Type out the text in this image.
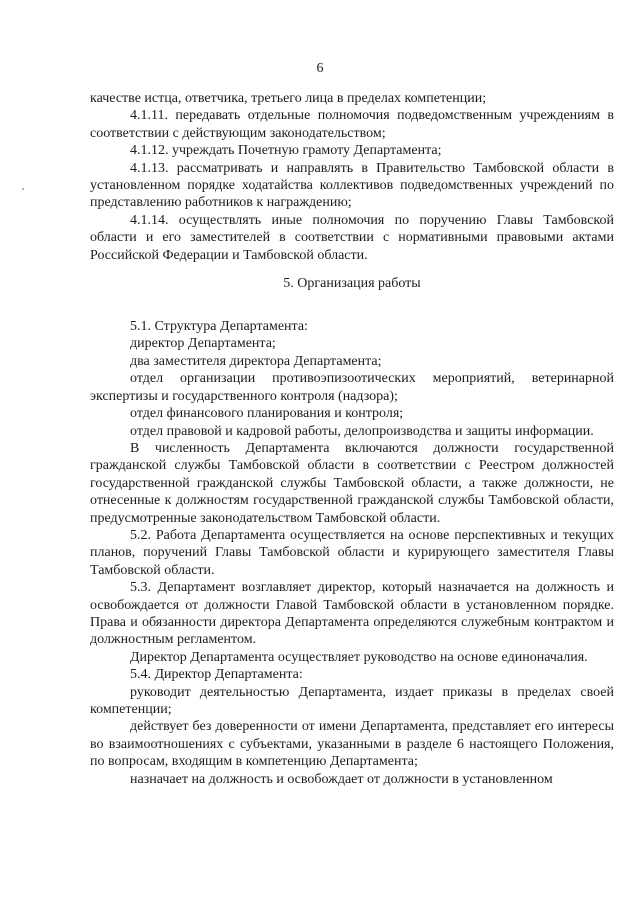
6

качестве истца, ответчика, третьего лица в пределах компетенции;

4.1.11. передавать отдельные полномочия подведомственным учреждениям в соответствии с действующим законодательством;

4.1.12. учреждать Почетную грамоту Департамента;

4.1.13. рассматривать и направлять в Правительство Тамбовской области в установленном порядке ходатайства коллективов подведомственных учреждений по представлению работников к награждению;

4.1.14. осуществлять иные полномочия по поручению Главы Тамбовской области и его заместителей в соответствии с нормативными правовыми актами Российской Федерации и Тамбовской области.

5. Организация работы

5.1. Структура Департамента:

директор Департамента;

два заместителя директора Департамента;

отдел организации противоэпизоотических мероприятий, ветеринарной экспертизы и государственного контроля (надзора);

отдел финансового планирования и контроля;

отдел правовой и кадровой работы, делопроизводства и защиты информации.

В численность Департамента включаются должности государственной гражданской службы Тамбовской области в соответствии с Реестром должностей государственной гражданской службы Тамбовской области, а также должности, не отнесенные к должностям государственной гражданской службы Тамбовской области, предусмотренные законодательством Тамбовской области.

5.2. Работа Департамента осуществляется на основе перспективных и текущих планов, поручений Главы Тамбовской области и курирующего заместителя Главы Тамбовской области.

5.3. Департамент возглавляет директор, который назначается на должность и освобождается от должности Главой Тамбовской области в установленном порядке. Права и обязанности директора Департамента определяются служебным контрактом и должностным регламентом.

Директор Департамента осуществляет руководство на основе единоначалия.

5.4. Директор Департамента:

руководит деятельностью Департамента, издает приказы в пределах своей компетенции;

действует без доверенности от имени Департамента, представляет его интересы во взаимоотношениях с субъектами, указанными в разделе 6 настоящего Положения, по вопросам, входящим в компетенцию Департамента;

назначает на должность и освобождает от должности в установленном
